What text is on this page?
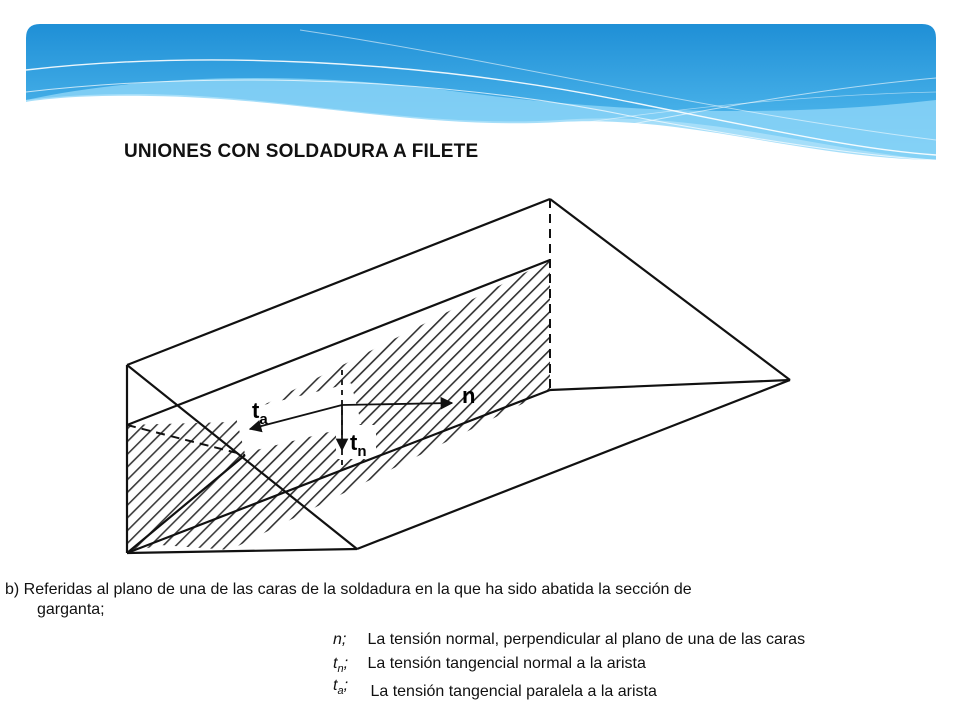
UNIONES CON SOLDADURA A FILETE
$t_a$
$t_n$
n
b) Referidas al plano de una de las caras de la soldadura en la que ha sido abatida la sección de
garganta;
n; La tensión normal, perpendicular al plano de una de las caras
$t_n$; La tensión tangencial normal a la arista
$t_a$; La tensión tangencial paralela a la arista
